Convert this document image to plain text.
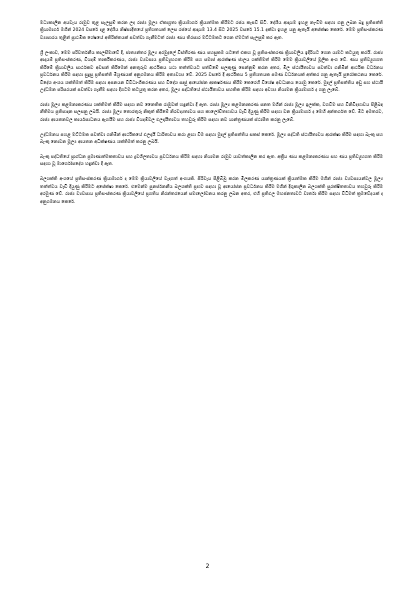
මධ්‍යකාලීන අයවැය රාමුව තුළ සැලසුම් කරන ලද රාජ්‍ය මූල්‍ය ඒකාග්‍රතා ක්‍රියාමාර්ග ක්‍රියාත්මක කිරීමට රජය කැපවී සිටී. දේශීය ආදායම ඉහළ නැංවීම සඳහා ගනු ලබන බදු ප්‍රතිපත්ති ක්‍රියාමාර්ග මගින් 2024 වසරේ දළ දේශීය නිෂ්පාදිතයේ ප්‍රතිශතයක් ලෙස රජයේ ආදායම 13.4 සිට 2025 වසරේ 15.1 දක්වා ඉහළ යනු ඇතැයි අපේක්ෂා කෙරේ. මෙම ප්‍රතිසංස්කරණ ව්‍යාපාරය තුළින් ප්‍රාථමික ශේෂයේ අතිරික්තයක් පවත්වා ගැනීමටත් රාජ්‍ය ණය තිරසාර මට්ටමකට ගෙන ඒමටත් සැලසුම් කර ඇත.

ශ්‍රී ලංකාව, මෙම පරිවර්තනීය කාලසීමාවේ දී, ජාත්‍යන්තර මූල්‍ය අරමුදලේ විස්තීරණ ණය පහසුකම යටතේ එකඟ වූ ප්‍රතිසංස්කරණ ක්‍රියාවලිය ඉදිරියට ගෙන යාමට කටයුතු කරයි. රාජ්‍ය ආදායම් ප්‍රතිසංස්කරණ, වියදම් තාර්කීකරණය, රාජ්‍ය ව්‍යවසාය ප්‍රතිව්‍යුහගත කිරීම සහ සමාජ ආරක්ෂණ ජාලය ශක්තිමත් කිරීම මෙම ක්‍රියාවලියේ මූලික අංග වේ. ණය ප්‍රතිව්‍යුහගත කිරීමේ ක්‍රියාවලිය සාර්ථකව අවසන් කිරීමෙන් අනතුරුව ආර්ථිකය යථා තත්ත්වයට පත්වීමේ සලකුණු පෙන්නුම් කරන අතර, මිල ස්ථායීතාවය පවත්වා ගනිමින් ආර්ථික වර්ධනය ප්‍රවර්ධනය කිරීම සඳහා සුදුසු ප්‍රතිපත්ති මිශ්‍රණයක් අනුගමනය කිරීම අත්‍යවශ්‍ය වේ. 2025 වසරේ දී ආර්ථිකය 5 ප්‍රතිශතයක පමණ වර්ධනයක් අත්කර ගනු ඇතැයි පුරෝකථනය කෙරේ. විදේශ අංශය ශක්තිමත් කිරීම සඳහා අපනයන විවිධාංගීකරණය සහ විදේශ සෘජු ආයෝජන ආකර්ෂණය කිරීම කෙරෙහි විශේෂ අවධානය යොමු කෙරේ. මුදල් ප්‍රතිපත්තිය අඩු සහ ස්ථායී උද්ධමන පරිසරයක් පවත්වා ගැනීම සඳහා දිගටම කටයුතු කරන අතර, මූල්‍ය පද්ධතියේ ස්ථායීතාවය සහතික කිරීම සඳහා අවශ්‍ය නියාමන ක්‍රියාමාර්ග ද ගනු ලැබේ.

රාජ්‍ය මූල්‍ය කළමනාකරණය ශක්තිමත් කිරීම සඳහා නව නෛතික රාමුවක් හඳුන්වා දී ඇත. රාජ්‍ය මූල්‍ය කළමනාකරණ පනත මගින් රාජ්‍ය මූල්‍ය ඉලක්ක, වගවීම සහ විනිවිදභාවය පිළිබඳ නීතිමය ප්‍රතිපාදන සලසනු ලබයි. රාජ්‍ය මූල්‍ය තොරතුරු නිකුත් කිරීමේ නිරවද්‍යතාවය සහ කාලෝචිතභාවය වැඩි දියුණු කිරීම සඳහා වන ක්‍රියාමාර්ග ද මෙහි අන්තර්ගත වේ. මීට අමතරව, රාජ්‍ය ආයතනවල කාර්යසාධනය ඇගයීම සහ රාජ්‍ය වියදම්වල ඵලදායීතාවය තහවුරු කිරීම සඳහා නව යාන්ත්‍රණයක් ස්ථාපිත කරනු ලැබේ.

උද්ධමනය පහළ මට්ටමක පවත්වා ගනිමින් ආර්ථිකයේ ඵලදායී ධාරිතාවය කරා ළඟා වීම සඳහා මුදල් ප්‍රතිපත්තිය සකස් කෙරේ. මූල්‍ය පද්ධති ස්ථායීතාවය ආරක්ෂා කිරීම සඳහා බැංකු සහ බැංකු නොවන මූල්‍ය ආයතන අධීක්ෂණය ශක්තිමත් කරනු ලබයි.

බැංකු පද්ධතියේ ප්‍රාග්ධන ප්‍රමාණාත්මකතාවය සහ ද්‍රවශීලතාවය ප්‍රවර්ධනය කිරීම සඳහා නියාමන රාමුව යාවත්කාලීන කර ඇත. අක්‍රීය ණය කළමනාකරණය සහ ණය ප්‍රතිව්‍යුහගත කිරීම සඳහා වූ මාර්ගෝපදේශ හඳුන්වා දී ඇත.

බලශක්ති අංශයේ ප්‍රතිසංස්කරණ ක්‍රියාමාර්ග ද මෙම ක්‍රියාවලියේ වැදගත් අංගයකි. පිරිවැය පිළිබිඹු කරන මිලකරණ යාන්ත්‍රණයක් ක්‍රියාත්මක කිරීම මගින් රාජ්‍ය ව්‍යවසායන්වල මූල්‍ය තත්ත්වය වැඩි දියුණු කිරීමට අපේක්ෂා කෙරේ. එමෙන්ම පුනර්ජනනීය බලශක්ති ප්‍රභව සඳහා වූ ආයෝජන ප්‍රවර්ධනය කිරීම මගින් දිගුකාලීන බලශක්ති සුරක්ෂිතතාවය තහවුරු කිරීම අරමුණ වේ. රාජ්‍ය ව්‍යවසාය ප්‍රතිසංස්කරණ ක්‍රියාවලියේ ප්‍රගතිය නිරන්තරයෙන් සමාලෝචනය කරනු ලබන අතර, එහි ප්‍රතිඵල මහජනතාවට වාර්තා කිරීම සඳහා විධිමත් ක්‍රමවේදයක් ද අනුගමනය කෙරේ.

2
